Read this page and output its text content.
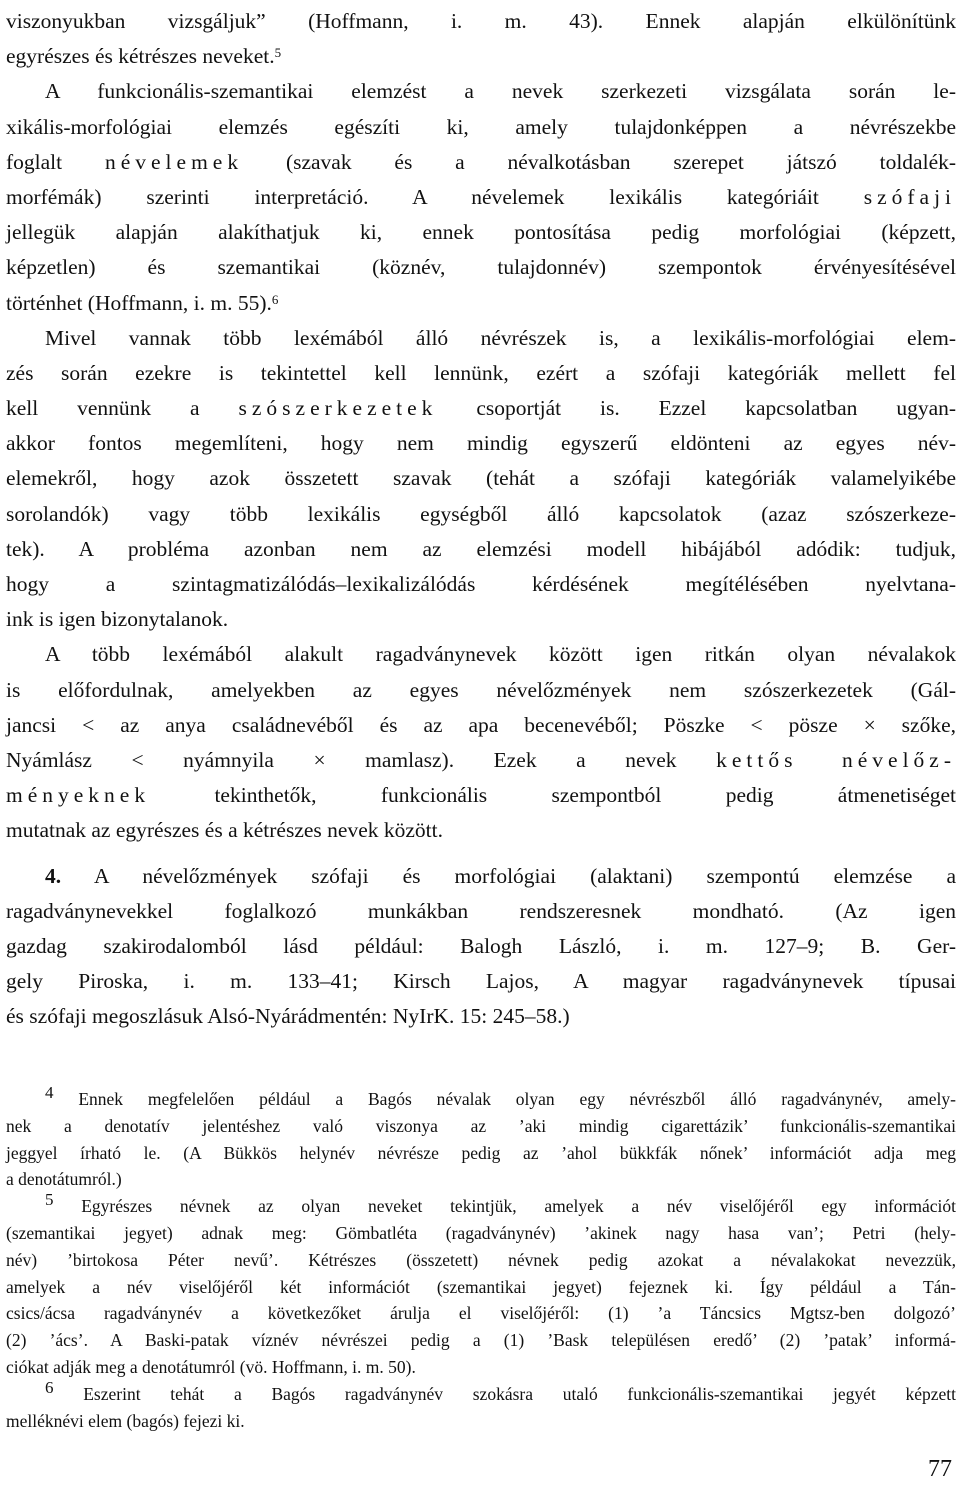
viszonyukban vizsgáljuk” (Hoffmann, i. m. 43). Ennek alapján elkülönítünk
egyrészes és kétrészes neveket.$^5$
A funkcionális-szemantikai elemzést a nevek szerkezeti vizsgálata során le-
xikális-morfológiai elemzés egészíti ki, amely tulajdonképpen a névrészekbe
foglalt névelemek (szavak és a névalkotásban szerepet játszó toldalék-
morfémák) szerinti interpretáció. A névelemek lexikális kategóriáit szófaji
jellegük alapján alakíthatjuk ki, ennek pontosítása pedig morfológiai (képzett,
képzetlen) és szemantikai (köznév, tulajdonnév) szempontok érvényesítésével
történhet (Hoffmann, i. m. 55).$^6$
Mivel vannak több lexémából álló névrészek is, a lexikális-morfológiai elem-
zés során ezekre is tekintettel kell lennünk, ezért a szófaji kategóriák mellett fel
kell vennünk a szószerkezetek csoportját is. Ezzel kapcsolatban ugyan-
akkor fontos megemlíteni, hogy nem mindig egyszerű eldönteni az egyes név-
elemekről, hogy azok összetett szavak (tehát a szófaji kategóriák valamelyikébe
sorolandók) vagy több lexikális egységből álló kapcsolatok (azaz szószerkeze-
tek). A probléma azonban nem az elemzési modell hibájából adódik: tudjuk,
hogy a szintagmatizálódás–lexikalizálódás kérdésének megítélésében nyelvtana-
ink is igen bizonytalanok.
A több lexémából alakult ragadványnevek között igen ritkán olyan névalakok
is előfordulnak, amelyekben az egyes névelőzmények nem szószerkezetek (Gál-
jancsi < az anya családnevéből és az apa becenevéből; Pöszke < pösze × szőke,
Nyámlász < nyámnyila × mamlasz). Ezek a nevek kettős névelőz-
ményeknek	tekinthetők, funkcionális szempontból pedig átmenetiséget
mutatnak az egyrészes és a kétrészes nevek között.
4. A névelőzmények szófaji és morfológiai (alaktani) szempontú elemzése a
ragadványnevekkel foglalkozó munkákban rendszeresnek mondható. (Az igen
gazdag szakirodalomból lásd például: Balogh László, i. m. 127–9; B. Ger-
gely Piroska, i. m. 133–41; Kirsch Lajos, A magyar ragadványnevek típusai
és szófaji megoszlásuk Alsó-Nyárádmentén: NyIrK. 15: 245–58.)
4 Ennek megfelelően például a Bagós névalak olyan egy névrészből álló ragadványnév, amely-
nek a denotatív jelentéshez való viszonya az ’aki mindig cigarettázik’ funkcionális-szemantikai
jeggyel írható le. (A Bükkös helynév névrésze pedig az ’ahol bükkfák nőnek’ információt adja meg
a denotátumról.)
5 Egyrészes névnek az olyan neveket tekintjük, amelyek a név viselőjéről egy információt
(szemantikai jegyet) adnak meg: Gömbatléta (ragadványnév) ’akinek nagy hasa van’; Petri (hely-
név) ’birtokosa Péter nevű’. Kétrészes (összetett) névnek pedig azokat a névalakokat nevezzük,
amelyek a név viselőjéről két információt (szemantikai jegyet) fejeznek ki. Így például a Tán-
csics/ácsa ragadványnév a következőket árulja el viselőjéről: (1) ’a Táncsics Mgtsz-ben dolgozó’
(2) ’ács’. A Baski-patak víznév névrészei pedig a (1) ’Bask településen eredő’ (2) ’patak’ informá-
ciókat adják meg a denotátumról (vö. Hoffmann, i. m. 50).
6 Eszerint tehát a Bagós ragadványnév szokásra utaló funkcionális-szemantikai jegyét képzett
melléknévi elem (bagós) fejezi ki.
77
